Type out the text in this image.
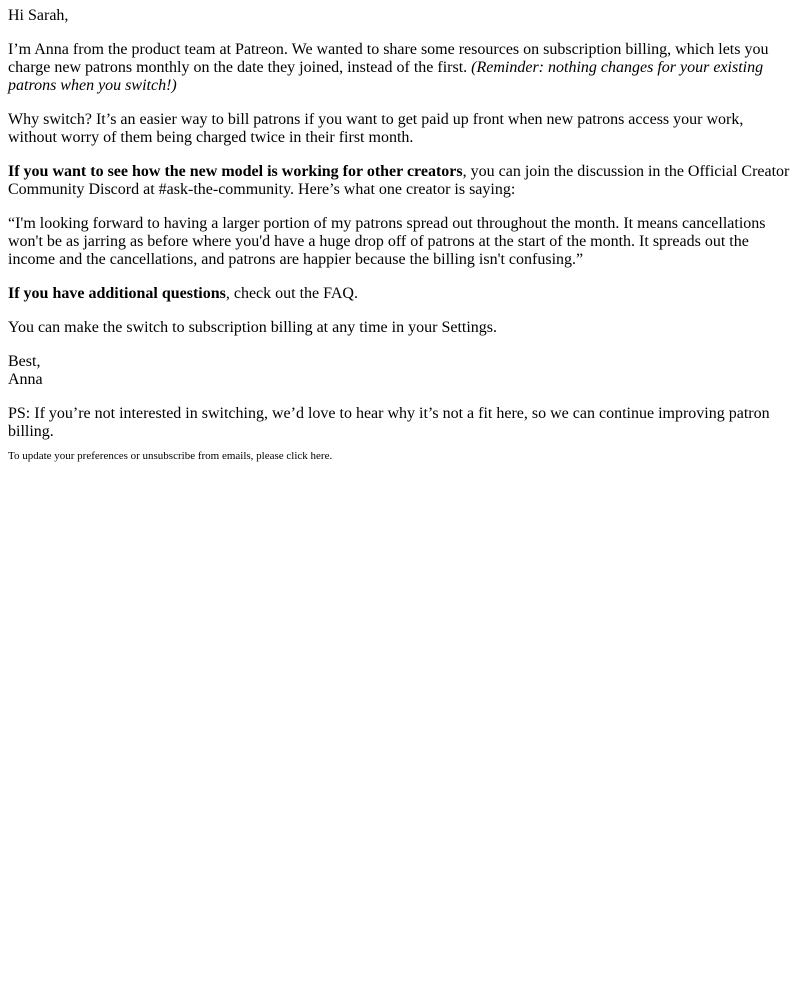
Hi Sarah,

I’m Anna from the product team at Patreon. We wanted to share some resources on subscription billing, which lets you charge new patrons monthly on the date they joined, instead of the first. (Reminder: nothing changes for your existing patrons when you switch!)

Why switch? It’s an easier way to bill patrons if you want to get paid up front when new patrons access your work, without worry of them being charged twice in their first month.

If you want to see how the new model is working for other creators, you can join the discussion in the Official Creator Community Discord at #ask-the-community. Here’s what one creator is saying:

“I'm looking forward to having a larger portion of my patrons spread out throughout the month. It means cancellations won't be as jarring as before where you'd have a huge drop off of patrons at the start of the month. It spreads out the income and the cancellations, and patrons are happier because the billing isn't confusing.”

If you have additional questions, check out the FAQ.

You can make the switch to subscription billing at any time in your Settings.

Best,
Anna

PS: If you’re not interested in switching, we’d love to hear why it’s not a fit here, so we can continue improving patron billing.

To update your preferences or unsubscribe from emails, please click here.
